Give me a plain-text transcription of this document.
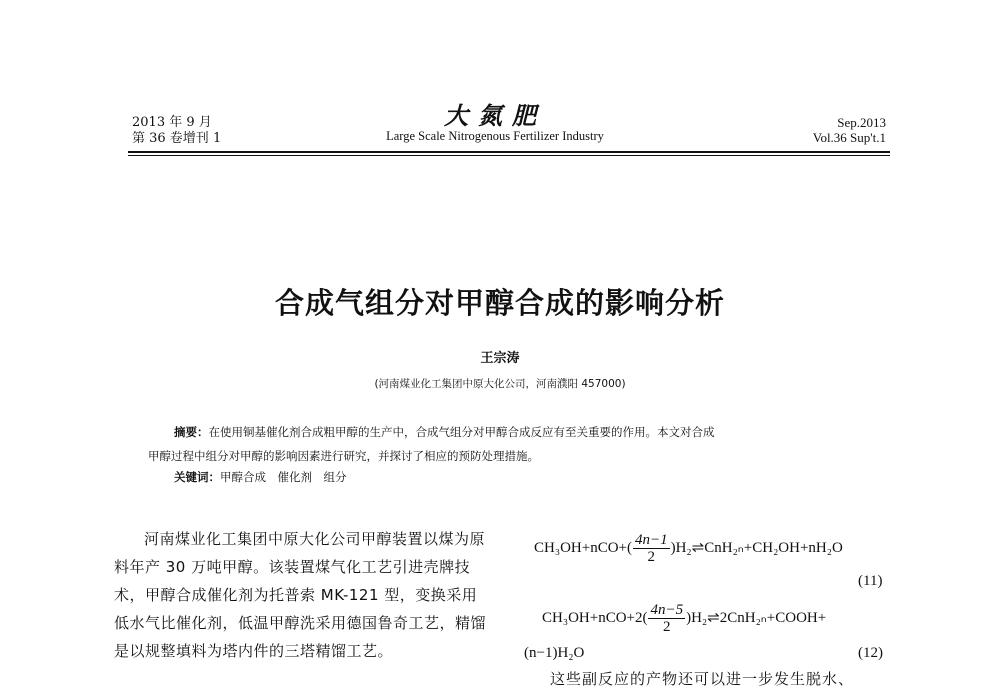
2013 年 9 月
第 36 卷增刊 1
大氮肥
Large Scale Nitrogenous Fertilizer Industry
Sep.2013
Vol.36 Sup't.1
合成气组分对甲醇合成的影响分析
王宗涛
(河南煤业化工集团中原大化公司，河南濮阳 457000)
摘要：在使用铜基催化剂合成粗甲醇的生产中，合成气组分对甲醇合成反应有至关重要的作用。本文对合成
甲醇过程中组分对甲醇的影响因素进行研究，并探讨了相应的预防处理措施。
关键词：甲醇合成　催化剂　组分

河南煤业化工集团中原大化公司甲醇装置以煤为原料年产 30 万吨甲醇。该装置煤气化工艺引进壳牌技术，甲醇合成催化剂为托普索 MK-121 型，变换采用低水气比催化剂，低温甲醇洗采用德国鲁奇工艺，精馏是以规整填料为塔内件的三塔精馏工艺。

$CH_3OH+nCO+( \frac{4n-1}{2}$ )H₂⇌CnH₂ₙ+CH₂OH+nH₂O
(11)
$CH_3OH+nCO+2( \frac{4n-5}{2}$ )H₂⇌2CnH₂ₙ+COOH+
(n−1)H₂O	(12)
这些副反应的产物还可以进一步发生脱水、
